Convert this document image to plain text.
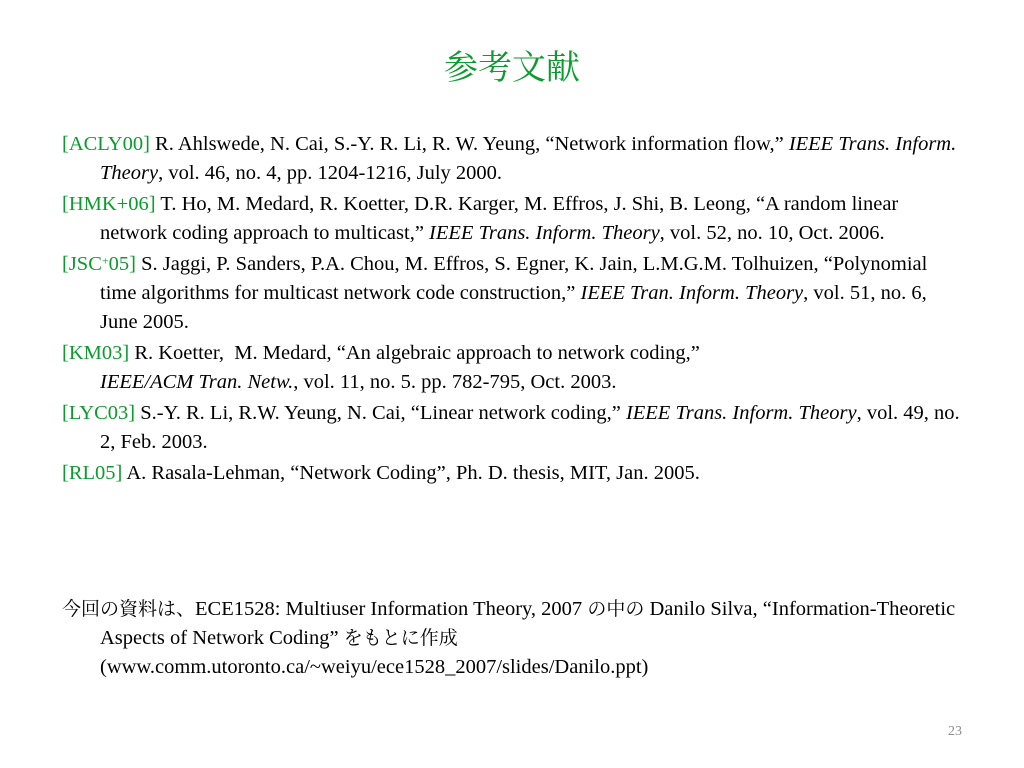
参考文献
[ACLY00] R. Ahlswede, N. Cai, S.-Y. R. Li, R. W. Yeung, “Network information flow,” IEEE Trans. Inform. Theory, vol. 46, no. 4, pp. 1204-1216, July 2000.
[HMK+06] T. Ho, M. Medard, R. Koetter, D.R. Karger, M. Effros, J. Shi, B. Leong, “A random linear network coding approach to multicast,” IEEE Trans. Inform. Theory, vol. 52, no. 10, Oct. 2006.
[JSC+05] S. Jaggi, P. Sanders, P.A. Chou, M. Effros, S. Egner, K. Jain, L.M.G.M. Tolhuizen, “Polynomial time algorithms for multicast network code construction,” IEEE Tran. Inform. Theory, vol. 51, no. 6, June 2005.
[KM03] R. Koetter,  M. Medard, “An algebraic approach to network coding,”
IEEE/ACM Tran. Netw., vol. 11, no. 5. pp. 782-795, Oct. 2003.
[LYC03] S.-Y. R. Li, R.W. Yeung, N. Cai, “Linear network coding,” IEEE Trans. Inform. Theory, vol. 49, no. 2, Feb. 2003.
[RL05] A. Rasala-Lehman, “Network Coding”, Ph. D. thesis, MIT, Jan. 2005.
今回の資料は、ECE1528: Multiuser Information Theory, 2007 の中の Danilo Silva, “Information-Theoretic Aspects of Network Coding” をもとに作成
(www.comm.utoronto.ca/~weiyu/ece1528_2007/slides/Danilo.ppt)
23
